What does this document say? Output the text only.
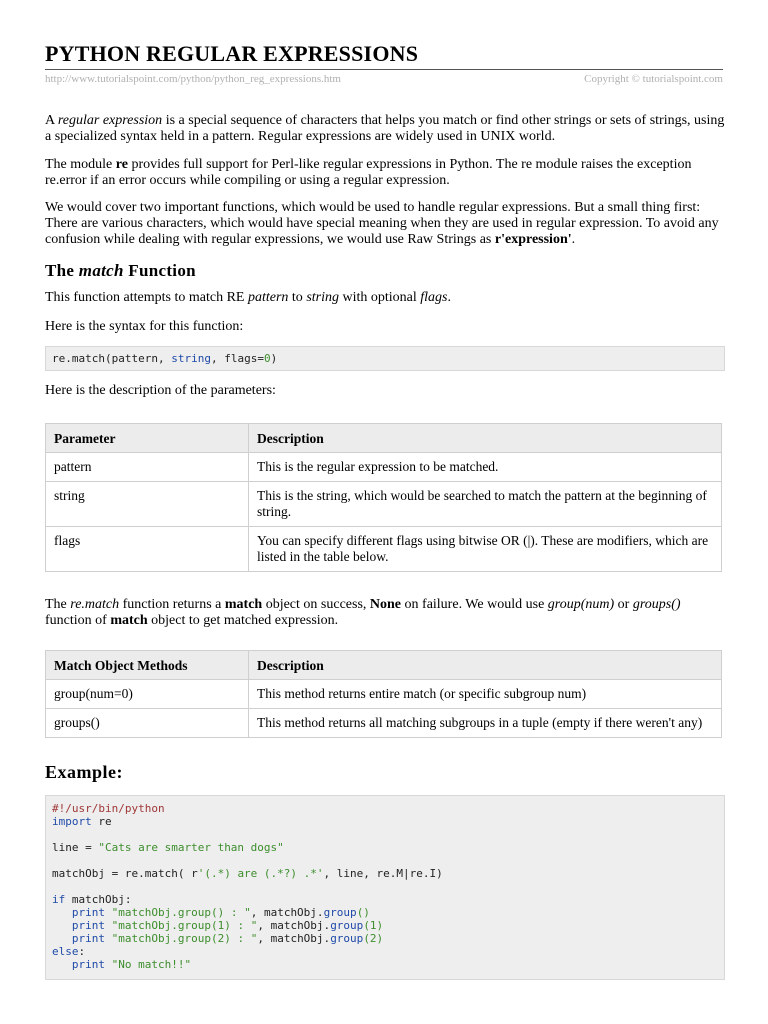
PYTHON REGULAR EXPRESSIONS
http://www.tutorialspoint.com/python/python_reg_expressions.htm	Copyright © tutorialspoint.com

A regular expression is a special sequence of characters that helps you match or find other strings or sets of strings, using a specialized syntax held in a pattern. Regular expressions are widely used in UNIX world.

The module re provides full support for Perl-like regular expressions in Python. The re module raises the exception re.error if an error occurs while compiling or using a regular expression.

We would cover two important functions, which would be used to handle regular expressions. But a small thing first: There are various characters, which would have special meaning when they are used in regular expression. To avoid any confusion while dealing with regular expressions, we would use Raw Strings as r'expression'.

The match Function

This function attempts to match RE pattern to string with optional flags.

Here is the syntax for this function:

re.match(pattern, string, flags=0)

Here is the description of the parameters:

Parameter	Description
pattern	This is the regular expression to be matched.
string	This is the string, which would be searched to match the pattern at the beginning of string.
flags	You can specify different flags using bitwise OR (|). These are modifiers, which are listed in the table below.

The re.match function returns a match object on success, None on failure. We would use group(num) or groups() function of match object to get matched expression.

Match Object Methods	Description
group(num=0)	This method returns entire match (or specific subgroup num)
groups()	This method returns all matching subgroups in a tuple (empty if there weren't any)
Example:
#!/usr/bin/python
import re

line = "Cats are smarter than dogs"

matchObj = re.match( r'(.*) are (.*?) .*', line, re.M|re.I)

if matchObj:
print "matchObj.group() : ", matchObj.group()
print "matchObj.group(1) : ", matchObj.group(1)
print "matchObj.group(2) : ", matchObj.group(2)
else:
print "No match!!"
